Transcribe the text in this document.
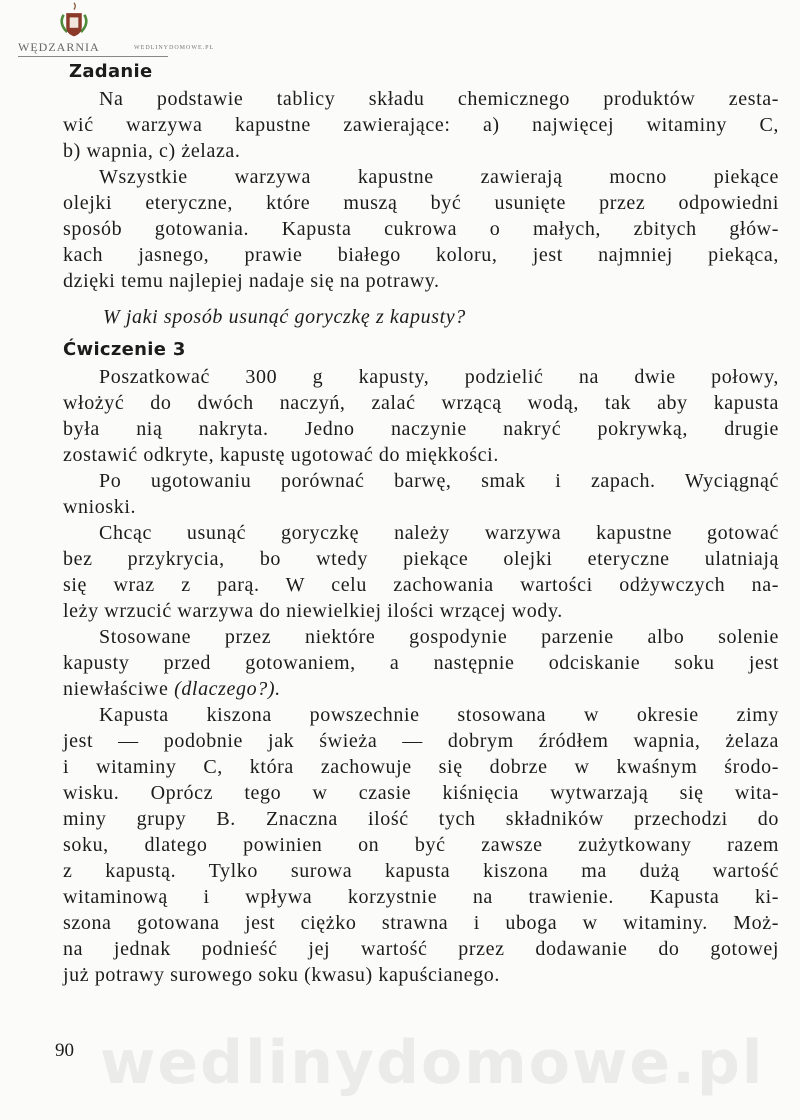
wedlinydomowe.pl
WĘDZARNIA	WEDLINYDOMOWE.PL
Zadanie
Na podstawie tablicy składu chemicznego produktów zesta-
wić warzywa kapustne zawierające: a) najwięcej witaminy C,
b) wapnia, c) żelaza.
Wszystkie warzywa kapustne zawierają mocno piekące
olejki eteryczne, które muszą być usunięte przez odpowiedni
sposób gotowania. Kapusta cukrowa o małych, zbitych głów-
kach jasnego, prawie białego koloru, jest najmniej piekąca,
dzięki temu najlepiej nadaje się na potrawy.
W jaki sposób usunąć goryczkę z kapusty?
Ćwiczenie 3
Poszatkować 300 g kapusty, podzielić na dwie połowy,
włożyć do dwóch naczyń, zalać wrzącą wodą, tak aby kapusta
była nią nakryta. Jedno naczynie nakryć pokrywką, drugie
zostawić odkryte, kapustę ugotować do miękkości.
Po ugotowaniu porównać barwę, smak i zapach. Wyciągnąć
wnioski.
Chcąc usunąć goryczkę należy warzywa kapustne gotować
bez przykrycia, bo wtedy piekące olejki eteryczne ulatniają
się wraz z parą. W celu zachowania wartości odżywczych na-
leży wrzucić warzywa do niewielkiej ilości wrzącej wody.
Stosowane przez niektóre gospodynie parzenie albo solenie
kapusty przed gotowaniem, a następnie odciskanie soku jest
niewłaściwe (dlaczego?).
Kapusta kiszona powszechnie stosowana w okresie zimy
jest — podobnie jak świeża — dobrym źródłem wapnia, żelaza
i witaminy C, która zachowuje się dobrze w kwaśnym środo-
wisku. Oprócz tego w czasie kiśnięcia wytwarzają się wita-
miny grupy B. Znaczna ilość tych składników przechodzi do
soku, dlatego powinien on być zawsze zużytkowany razem
z kapustą. Tylko surowa kapusta kiszona ma dużą wartość
witaminową i wpływa korzystnie na trawienie. Kapusta ki-
szona gotowana jest ciężko strawna i uboga w witaminy. Moż-
na jednak podnieść jej wartość przez dodawanie do gotowej
już potrawy surowego soku (kwasu) kapuścianego.
90
